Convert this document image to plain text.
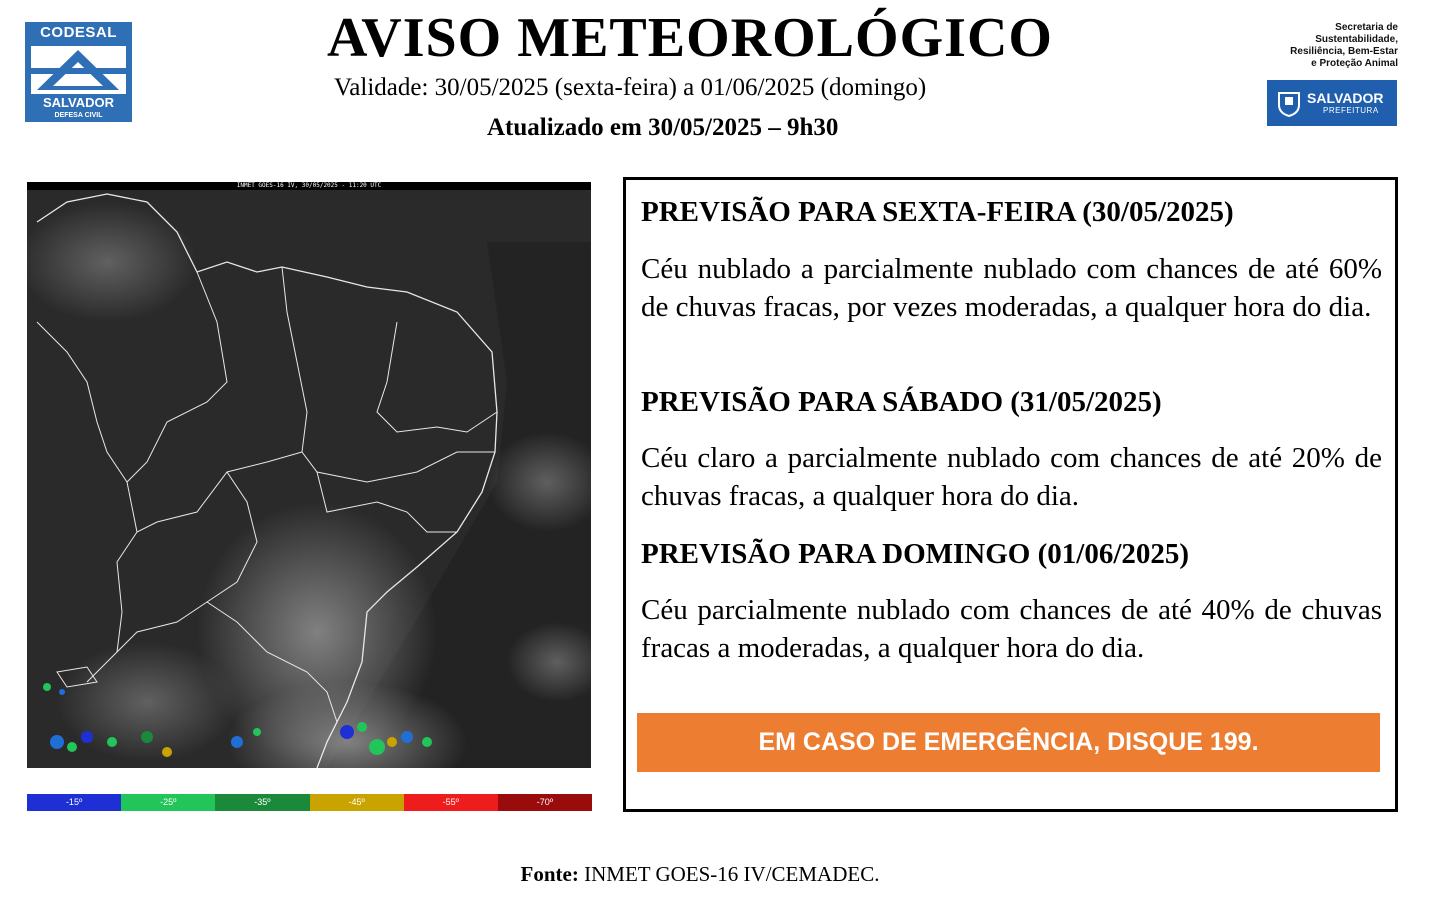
CODESAL
SALVADOR
DEFESA CIVIL
AVISO METEOROLÓGICO
Validade: 30/05/2025 (sexta-feira) a 01/06/2025 (domingo)
Atualizado em 30/05/2025 – 9h30
Secretaria de
Sustentabilidade,
Resiliência, Bem-Estar
e Proteção Animal
SALVADOR
PREFEITURA
INMET GOES-16 IV, 30/05/2025 - 11:20 UTC
-15º	-25º	-35º	-45º	-55º	-70º
PREVISÃO PARA SEXTA-FEIRA (30/05/2025)

Céu nublado a parcialmente nublado com chances de até 60% de chuvas fracas, por vezes moderadas, a qualquer hora do dia.

PREVISÃO PARA SÁBADO (31/05/2025)

Céu claro a parcialmente nublado com chances de até 20% de chuvas fracas, a qualquer hora do dia.

PREVISÃO PARA DOMINGO (01/06/2025)

Céu parcialmente nublado com chances de até 40% de chuvas fracas a moderadas, a qualquer hora do dia.

EM CASO DE EMERGÊNCIA, DISQUE 199.
Fonte: INMET GOES-16 IV/CEMADEC.
